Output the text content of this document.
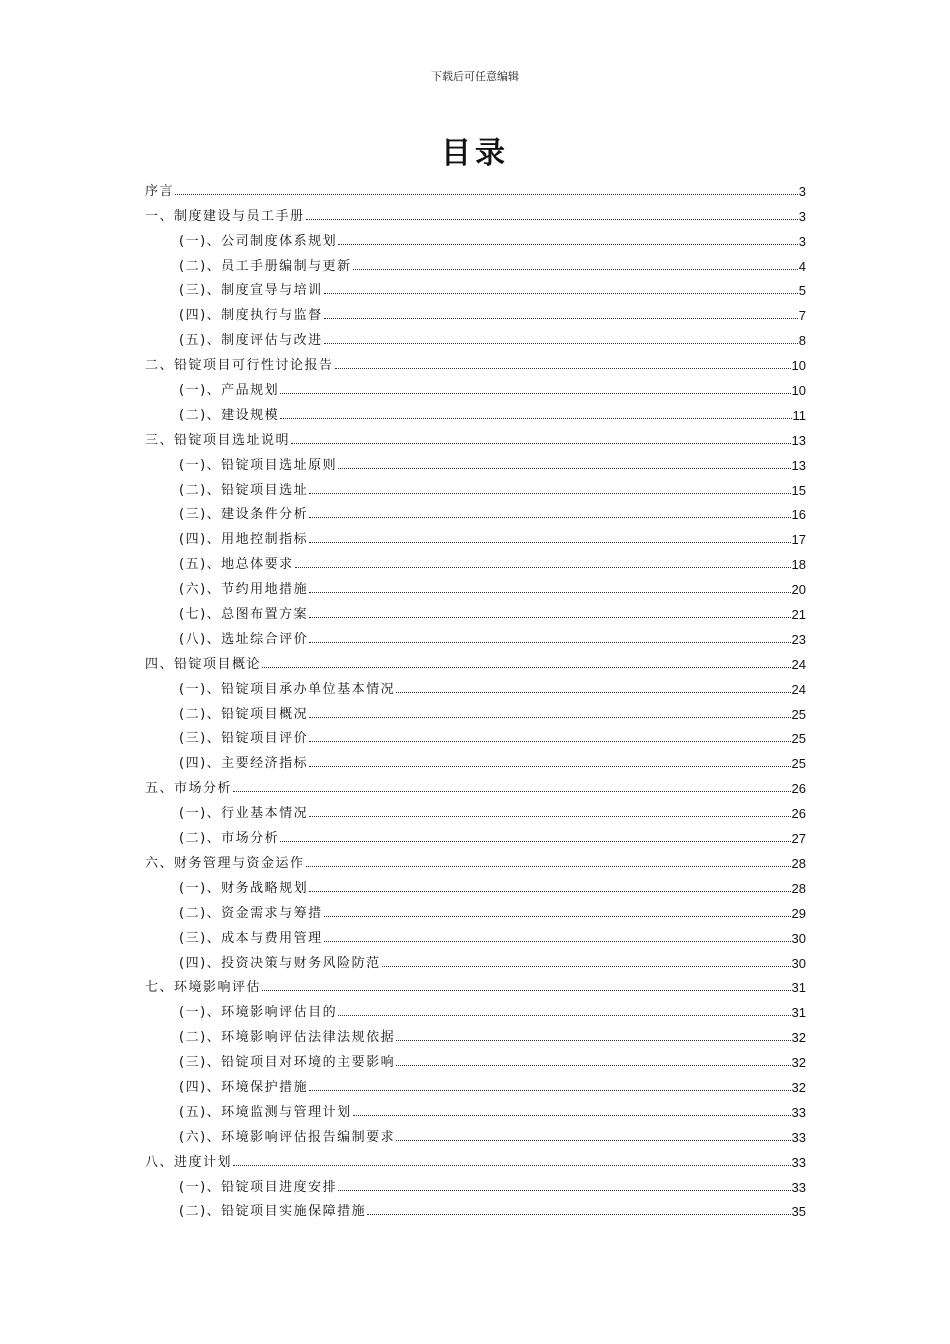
下载后可任意编辑
目录
序言	3
一、制度建设与员工手册	3
(一)、公司制度体系规划	3
(二)、员工手册编制与更新	4
(三)、制度宣导与培训	5
(四)、制度执行与监督	7
(五)、制度评估与改进	8
二、铅锭项目可行性讨论报告	10
(一)、产品规划	10
(二)、建设规模	11
三、铅锭项目选址说明	13
(一)、铅锭项目选址原则	13
(二)、铅锭项目选址	15
(三)、建设条件分析	16
(四)、用地控制指标	17
(五)、地总体要求	18
(六)、节约用地措施	20
(七)、总图布置方案	21
(八)、选址综合评价	23
四、铅锭项目概论	24
(一)、铅锭项目承办单位基本情况	24
(二)、铅锭项目概况	25
(三)、铅锭项目评价	25
(四)、主要经济指标	25
五、市场分析	26
(一)、行业基本情况	26
(二)、市场分析	27
六、财务管理与资金运作	28
(一)、财务战略规划	28
(二)、资金需求与筹措	29
(三)、成本与费用管理	30
(四)、投资决策与财务风险防范	30
七、环境影响评估	31
(一)、环境影响评估目的	31
(二)、环境影响评估法律法规依据	32
(三)、铅锭项目对环境的主要影响	32
(四)、环境保护措施	32
(五)、环境监测与管理计划	33
(六)、环境影响评估报告编制要求	33
八、进度计划	33
(一)、铅锭项目进度安排	33
(二)、铅锭项目实施保障措施	35
